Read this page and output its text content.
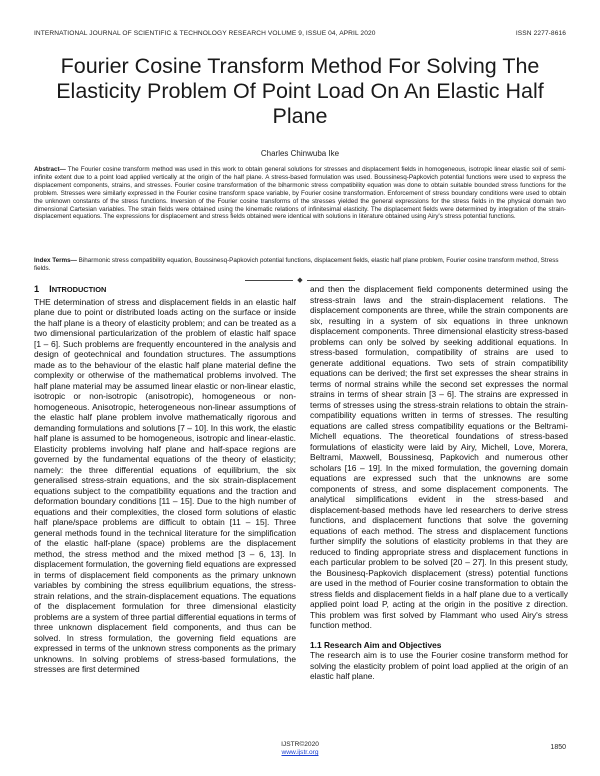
INTERNATIONAL JOURNAL OF SCIENTIFIC & TECHNOLOGY RESEARCH VOLUME 9, ISSUE 04, APRIL 2020	ISSN 2277-8616
Fourier Cosine Transform Method For Solving The Elasticity Problem Of Point Load On An Elastic Half Plane
Charles Chinwuba Ike
Abstract— The Fourier cosine transform method was used in this work to obtain general solutions for stresses and displacement fields in homogeneous, isotropic linear elastic soil of semi-infinite extent due to a point load applied vertically at the origin of the half plane. A stress-based formulation was used. Boussinesq-Papkovich potential functions were used to express the displacement components, strains, and stresses. Fourier cosine transformation of the biharmonic stress compatibility equation was done to obtain suitable bounded stress functions for the problem. Stresses were similarly expressed in the Fourier cosine transform space variable, by Fourier cosine transformation. Enforcement of stress boundary conditions were used to obtain the unknown constants of the stress functions. Inversion of the Fourier cosine transforms of the stresses yielded the general expressions for the stress fields in the physical domain two dimensional Cartesian variables. The strain fields were obtained using the kinematic relations of infinitesimal elasticity. The displacement fields were determined by integration of the strain-displacement equations. The expressions for displacement and stress fields obtained were identical with solutions in literature obtained using Airy's stress potential functions.
Index Terms— Biharmonic stress compatibility equation, Boussinesq-Papkovich potential functions, displacement fields, elastic half plane problem, Fourier cosine transform method, Stress fields.
◆
1 INTRODUCTION

THE determination of stress and displacement fields in an elastic half plane due to point or distributed loads acting on the surface or inside the half plane is a theory of elasticity problem; and can be treated as a two dimensional particularization of the problem of elastic half space [1 – 6]. Such problems are frequently encountered in the analysis and design of geotechnical and foundation structures. The assumptions made as to the behaviour of the elastic half plane material define the complexity or otherwise of the mathematical problems involved. The half plane material may be assumed linear elastic or non-linear elastic, isotropic or non-isotropic (anisotropic), homogeneous or non-homogeneous. Anisotropic, heterogeneous non-linear assumptions of the elastic half plane problem involve mathematically rigorous and demanding formulations and solutions [7 – 10]. In this work, the elastic half plane is assumed to be homogeneous, isotropic and linear-elastic. Elasticity problems involving half plane and half-space regions are governed by the fundamental equations of the theory of elasticity; namely: the three differential equations of equilibrium, the six generalised stress-strain equations, and the six strain-displacement equations subject to the compatibility equations and the traction and deformation boundary conditions [11 – 15]. Due to the high number of equations and their complexities, the closed form solutions of elastic half plane/space problems are difficult to obtain [11 – 15]. Three general methods found in the technical literature for the simplification of the elastic half-plane (space) problems are the displacement method, the stress method and the mixed method [3 – 6, 13]. In displacement formulation, the governing field equations are expressed in terms of displacement field components as the primary unknown variables by combining the stress equilibrium equations, the stress-strain relations, and the strain-displacement equations. The equations of the displacement formulation for three dimensional elasticity problems are a system of three partial differential equations in terms of three unknown displacement field components, and thus can be solved. In stress formulation, the governing field equations are expressed in terms of the unknown stress components as the primary unknowns. In solving problems of stress-based formulations, the stresses are first determined

and then the displacement field components determined using the stress-strain laws and the strain-displacement relations. The displacement components are three, while the strain components are six, resulting in a system of six equations in three unknown displacement components. Three dimensional elasticity stress-based problems can only be solved by seeking additional equations. In stress-based formulation, compatibility of strains are used to generate additional equations. Two sets of strain compatibility equations can be derived; the first set expresses the shear strains in terms of normal strains while the second set expresses the normal strains in terms of shear strain [3 – 6]. The strains are expressed in terms of stresses using the stress-strain relations to obtain the strain-compatibility equations written in terms of stresses. The resulting equations are called stress compatibility equations or the Beltrami-Michell equations. The theoretical foundations of stress-based formulations of elasticity were laid by Airy, Michell, Love, Morera, Beltrami, Maxwell, Boussinesq, Papkovich and numerous other scholars [16 – 19]. In the mixed formulation, the governing domain equations are expressed such that the unknowns are some components of stress, and some displacement components. The analytical simplifications evident in the stress-based and displacement-based methods have led researchers to derive stress functions, and displacement functions that solve the governing equations of each method. The stress and displacement functions further simplify the solutions of elasticity problems in that they are reduced to finding appropriate stress and displacement functions in each particular problem to be solved [20 – 27]. In this present study, the Bousinesq-Papkovich displacement (stress) potential functions are used in the method of Fourier cosine transformation to obtain the stress fields and displacement fields in a half plane due to a vertically applied point load P, acting at the origin in the positive z direction. This problem was first solved by Flammant who used Airy's stress function method.

1.1 Research Aim and Objectives

The research aim is to use the Fourier cosine transform method for solving the elasticity problem of point load applied at the origin of an elastic half plane.

1850
IJSTR©2020
www.ijstr.org
